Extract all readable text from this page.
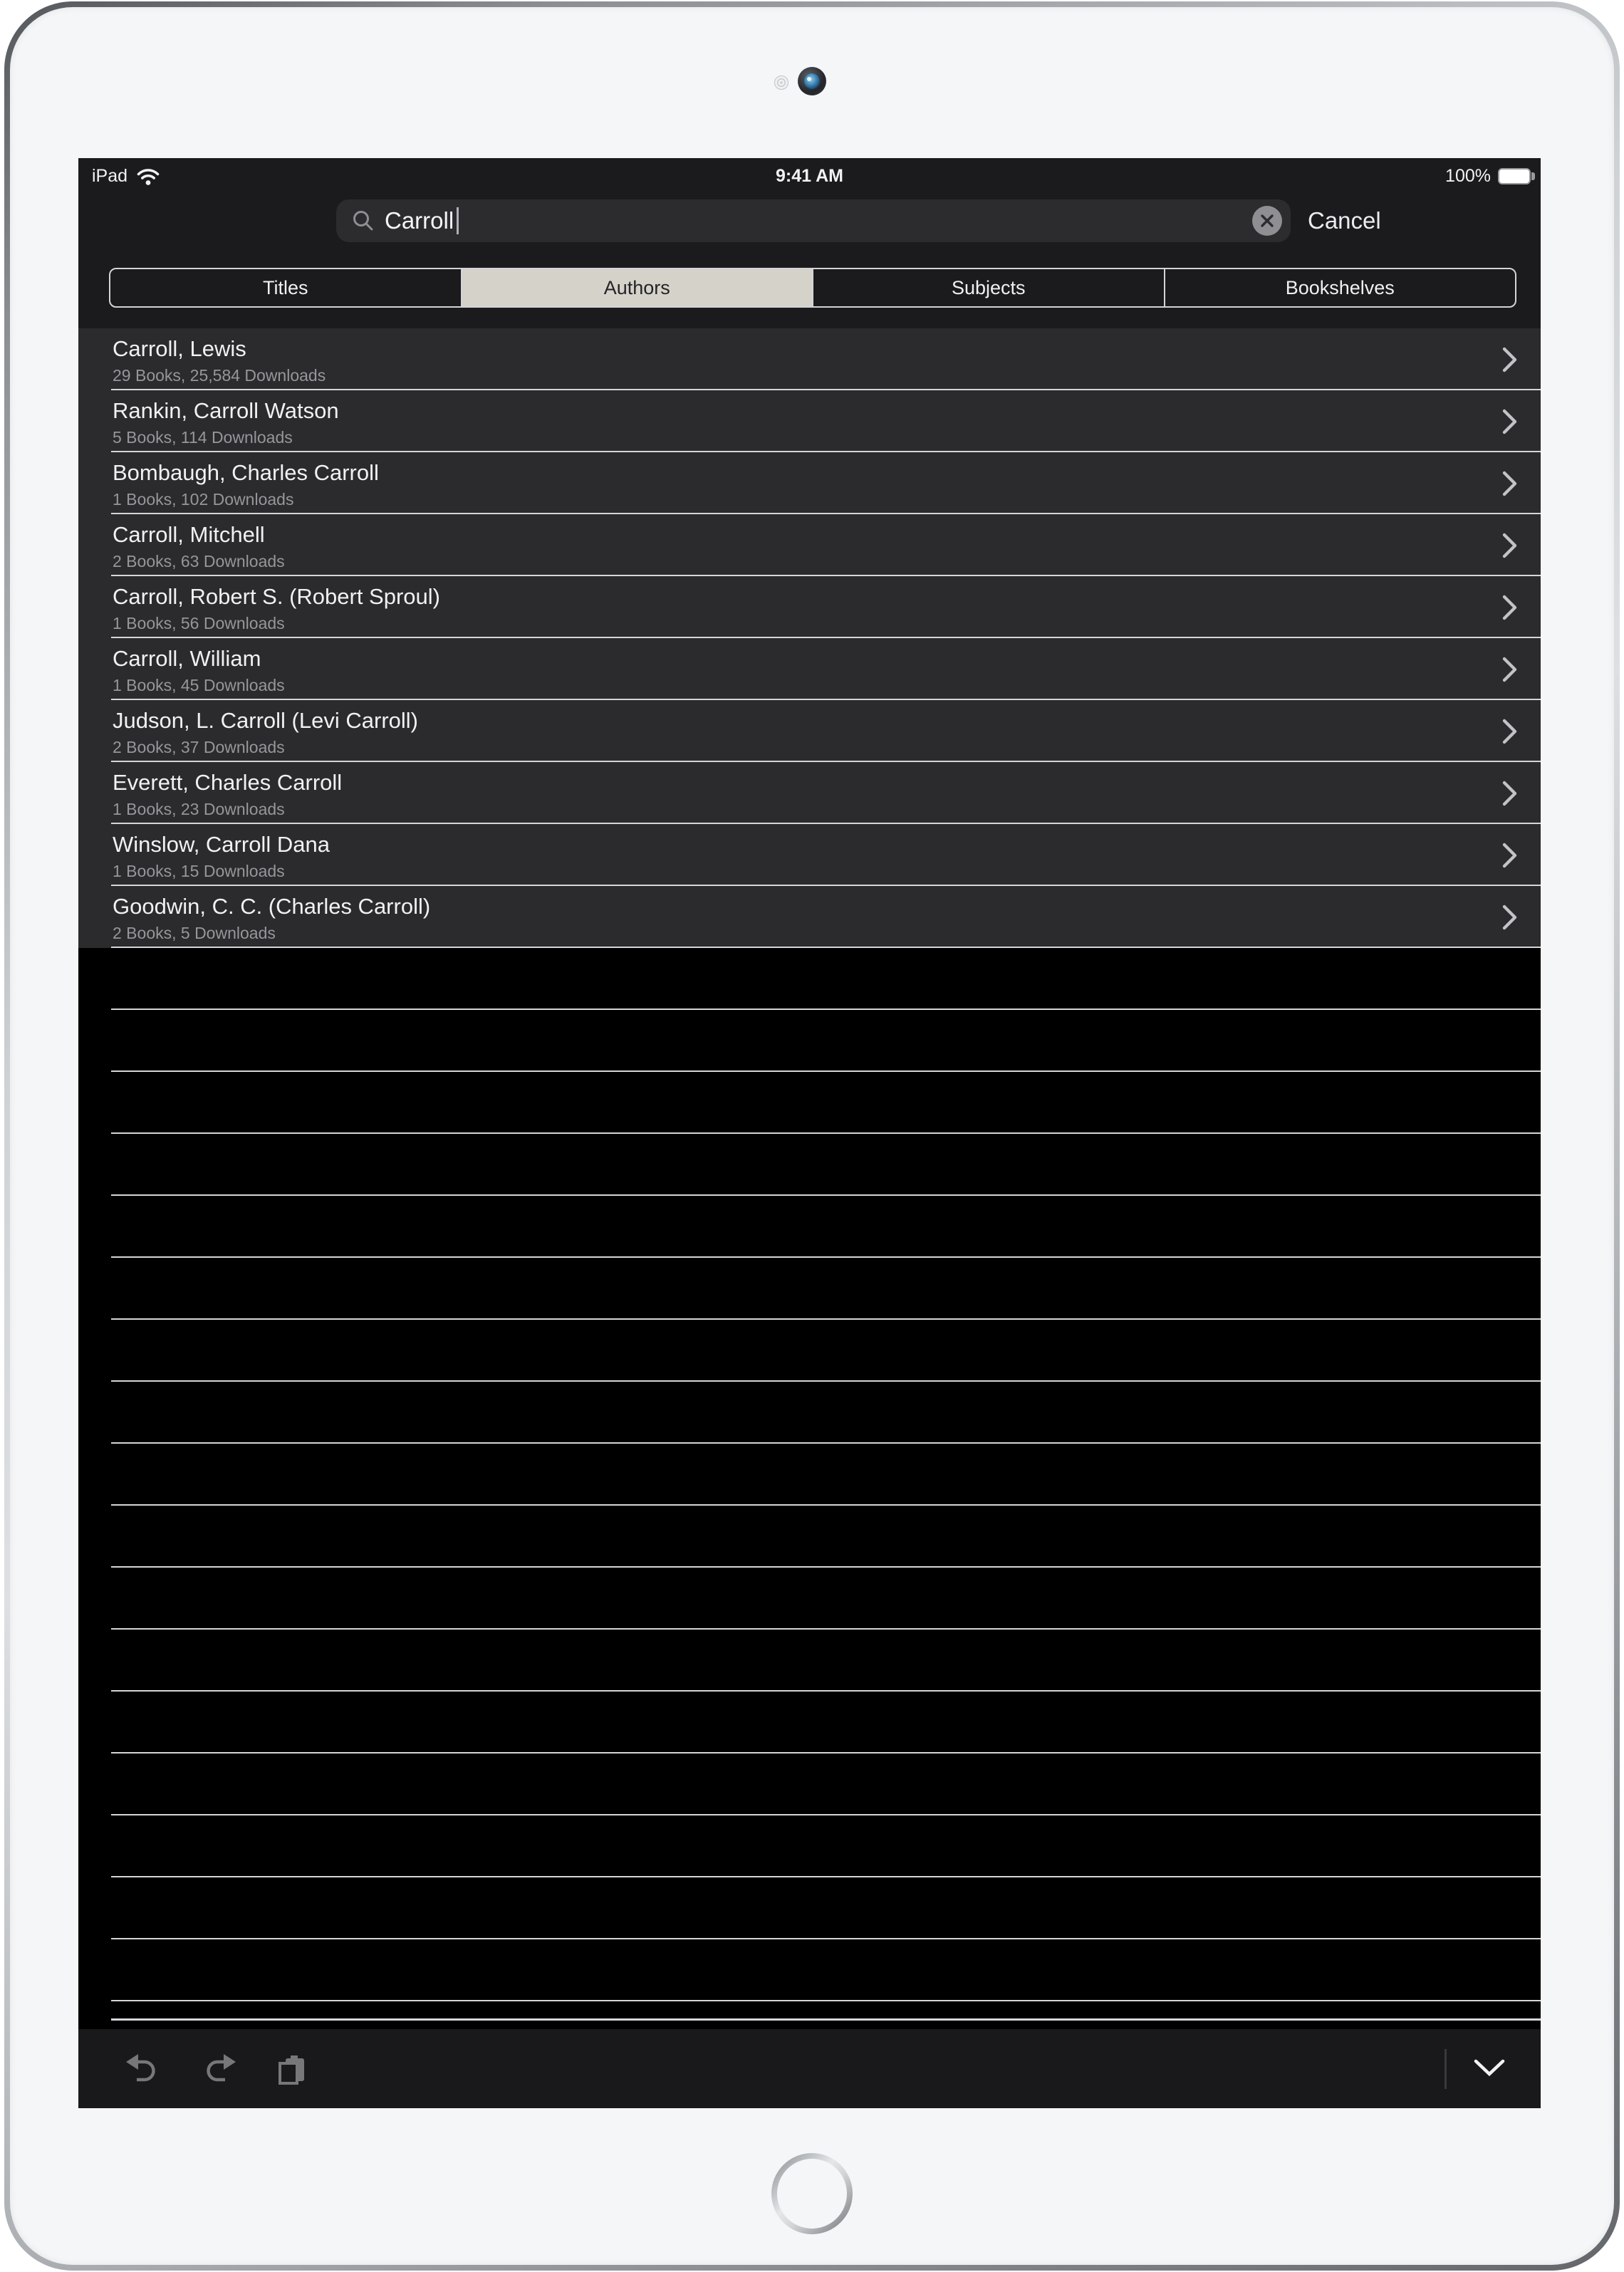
iPad	9:41 AM	100%
Carroll	Cancel
Titles	Authors	Subjects	Bookshelves
Carroll, Lewis
29 Books, 25,584 Downloads
Rankin, Carroll Watson
5 Books, 114 Downloads
Bombaugh, Charles Carroll
1 Books, 102 Downloads
Carroll, Mitchell
2 Books, 63 Downloads
Carroll, Robert S. (Robert Sproul)
1 Books, 56 Downloads
Carroll, William
1 Books, 45 Downloads
Judson, L. Carroll (Levi Carroll)
2 Books, 37 Downloads
Everett, Charles Carroll
1 Books, 23 Downloads
Winslow, Carroll Dana
1 Books, 15 Downloads
Goodwin, C. C. (Charles Carroll)
2 Books, 5 Downloads
